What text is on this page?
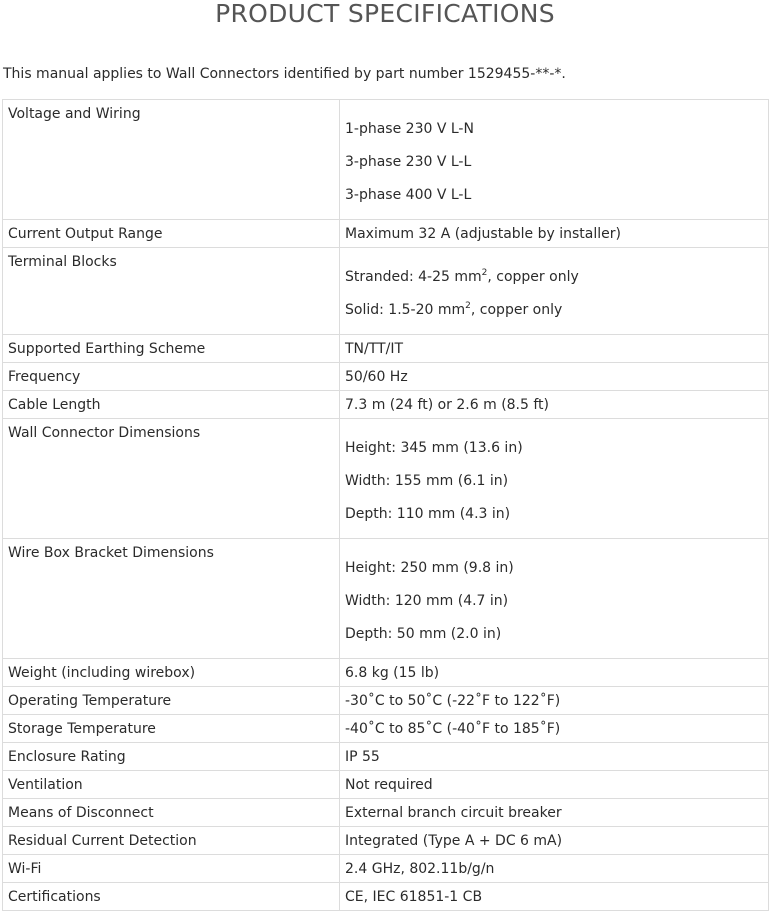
PRODUCT SPECIFICATIONS
This manual applies to Wall Connectors identified by part number 1529455-**-*.
Voltage and Wiring	1-phase 230 V L-N
3-phase 230 V L-L
3-phase 400 V L-L

Current Output Range	Maximum 32 A (adjustable by installer)

Terminal Blocks	Stranded: 4-25 $mm^2$, copper only
Solid: 1.5-20 $mm^2$, copper only

Supported Earthing Scheme	TN/TT/IT

Frequency	50/60 Hz

Cable Length	7.3 m (24 ft) or 2.6 m (8.5 ft)

Wall Connector Dimensions	Height: 345 mm (13.6 in)
Width: 155 mm (6.1 in)
Depth: 110 mm (4.3 in)

Wire Box Bracket Dimensions	Height: 250 mm (9.8 in)
Width: 120 mm (4.7 in)
Depth: 50 mm (2.0 in)

Weight (including wirebox)	6.8 kg (15 lb)

Operating Temperature	-30˚C to 50˚C (-22˚F to 122˚F)

Storage Temperature	-40˚C to 85˚C (-40˚F to 185˚F)

Enclosure Rating	IP 55

Ventilation	Not required

Means of Disconnect	External branch circuit breaker

Residual Current Detection	Integrated (Type A + DC 6 mA)

Wi-Fi	2.4 GHz, 802.11b/g/n

Certifications	CE, IEC 61851-1 CB
